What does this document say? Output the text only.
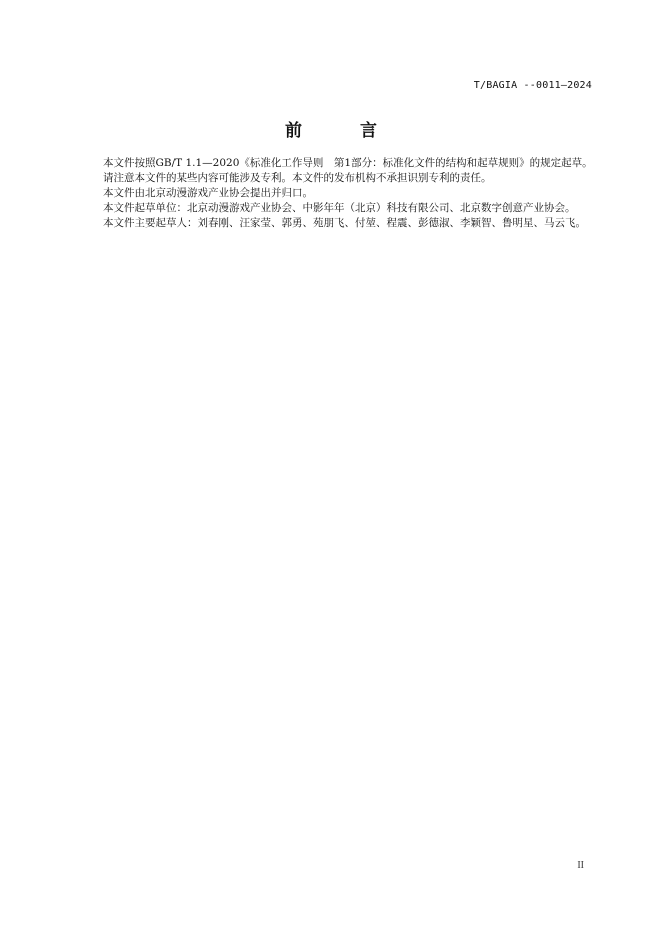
T/BAGIA --0011—2024
前 言

本文件按照GB/T 1.1—2020《标准化工作导则　第1部分：标准化文件的结构和起草规则》的规定起草。

请注意本文件的某些内容可能涉及专利。本文件的发布机构不承担识别专利的责任。

本文件由北京动漫游戏产业协会提出并归口。

本文件起草单位：北京动漫游戏产业协会、中影年年（北京）科技有限公司、北京数字创意产业协会。

本文件主要起草人：刘春刚、汪家莹、郭勇、苑朋飞、付堃、程震、彭德淑、李颖智、鲁明星、马云飞。

II
